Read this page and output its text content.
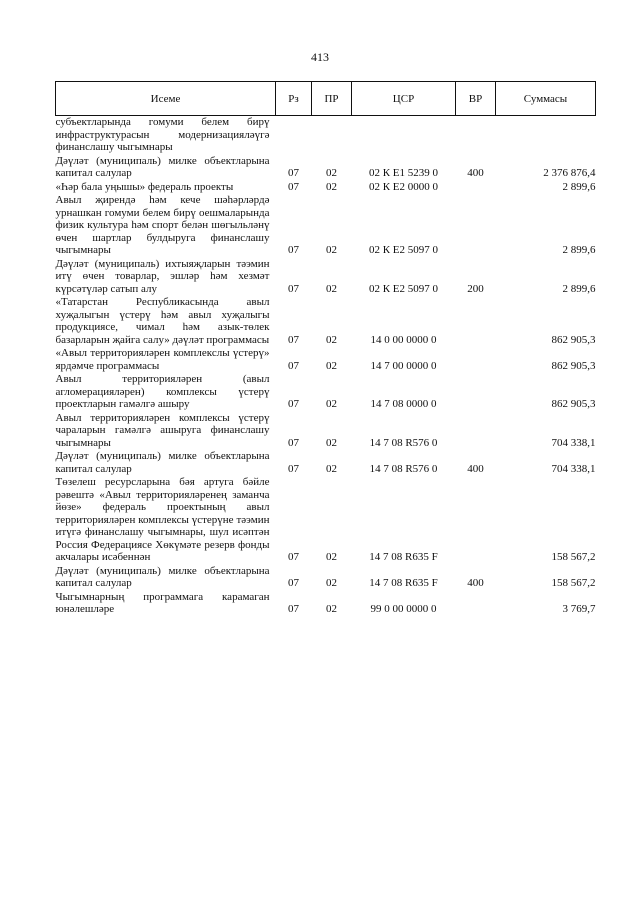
413
Исеме	Рз	ПР	ЦСР	ВР	Суммасы
субъектларында гомуми белем бирү инфраструктурасын модернизацияләүгә финанслашу чыгымнары					
Дәүләт (муниципаль) милке объектларына капитал салулар	07	02	02 К Е1 5239 0	400	2 376 876,4
«Һәр бала уңышы» федераль проекты	07	02	02 К Е2 0000 0		2 899,6
Авыл җирендә һәм кече шәһәрләрдә урнашкан гомуми белем бирү оешмаларында физик культура һәм спорт белән шөгыльләнү өчен шартлар булдыруга финанслашу чыгымнары	07	02	02 К Е2 5097 0		2 899,6
Дәүләт (муниципаль) ихтыяҗларын тәэмин итү өчен товарлар, эшләр һәм хезмәт күрсәтүләр сатып алу	07	02	02 К Е2 5097 0	200	2 899,6
«Татарстан Республикасында авыл хуҗалыгын үстерү һәм авыл хуҗалыгы продукциясе, чимал һәм азык-төлек базарларын җайга салу» дәүләт программасы	07	02	14 0 00 0000 0		862 905,3
«Авыл территорияләрен комплекслы үстерү» ярдәмче программасы	07	02	14 7 00 0000 0		862 905,3
Авыл территорияләрен (авыл агломерацияләрен) комплексы үстерү проектларын гамәлгә ашыру	07	02	14 7 08 0000 0		862 905,3
Авыл территорияләрен комплексы үстерү чараларын гамәлгә ашыруга финанслашу чыгымнары	07	02	14 7 08 R576 0		704 338,1
Дәүләт (муниципаль) милке объектларына капитал салулар	07	02	14 7 08 R576 0	400	704 338,1
Төзелеш ресурсларына бәя артуга бәйле рәвештә «Авыл территорияләренең заманча йөзе» федераль проектының авыл территорияләрен комплексы үстерүне тәэмин итүгә финанслашу чыгымнары, шул исәптән Россия Федерациясе Хөкүмәте резерв фонды акчалары исәбеннән	07	02	14 7 08 R635 F		158 567,2
Дәүләт (муниципаль) милке объектларына капитал салулар	07	02	14 7 08 R635 F	400	158 567,2
Чыгымнарның программага карамаган юнәлешләре	07	02	99 0 00 0000 0		3 769,7
